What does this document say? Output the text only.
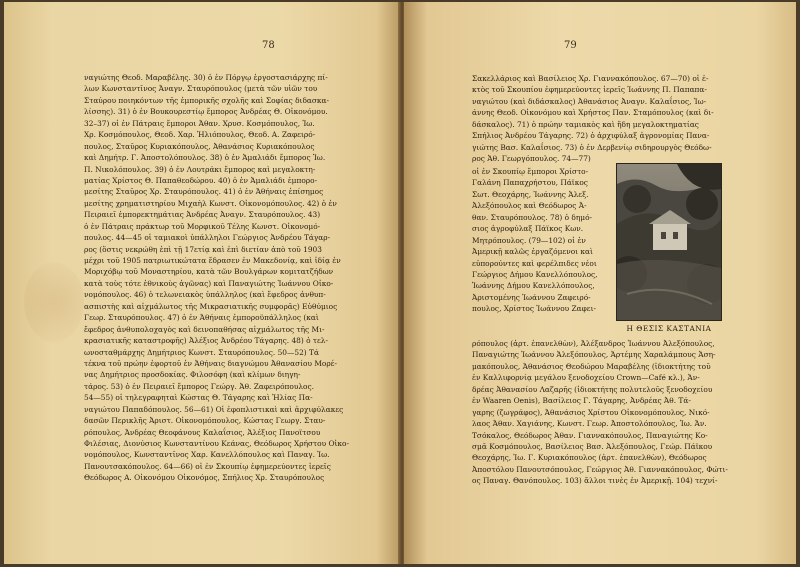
78
ναγιώτης Θεοδ. Μαραβέλης. 30) ὁ ἐν Πόργῳ ἐργοστασιάρχης πί-
λων Κωνσταντῖνος Ἀναγν. Σταυρόπουλος (μετὰ τῶν υἱῶν του
Σταύρου ποιηκόντων τῆς ἐμπορικῆς σχολῆς καὶ Σοφίας διδασκα-
λίσσης). 31) ὁ ἐν Βουκουρεστίῳ ἔμπορος Ἀνδρέας Θ. Οἰκονόμου.
32–37) οἱ ἐν Πάτραις ἔμποροι Ἀθαν. Χρυσ. Κοσμόπουλος, Ἰω.
Χρ. Κοσμόπουλος, Θεοδ. Χαρ. Ἠλιόπουλος, Θεοδ. Α. Ζαφειρό-
πουλος, Σταῦρος Κυριακόπουλος, Ἀθανάσιος Κυριακόπουλος
καὶ Δημήτρ. Γ. Ἀποστολόπουλος. 38) ὁ ἐν Ἀμαλιάδι ἔμπορος Ἰω.
Π. Νικολόπουλος. 39) ὁ ἐν Λουτράκι ἔμπορος καὶ μεγαλοκτη-
ματίας Χρίστος Θ. Παπαθεοδώρου. 40) ὁ ἐν Ἀμαλιάδι ἐμπορο-
μεσίτης Σταῦρος Χρ. Σταυρόπουλος. 41) ὁ ἐν Ἀθήναις ἐπίσημος
μεσίτης χρηματιστηρίου Μιχαὴλ Κωνστ. Οἰκονομόπουλος. 42) ὁ ἐν
Πειραιεῖ ἐμπορεκτημάτιας Ἀνδρέας Ἀναγν. Σταυρόπουλος. 43)
ὁ ἐν Πάτραις πράκτωρ τοῦ Μορφικοῦ Τέλης Κωνστ. Οἰκονομό-
πουλος. 44—45 οἱ ταμιακοὶ ὑπάλληλοι Γεώργιος Ἀνδρέου Τάγαρ-
ρος (ὅστις νεκρώθη ἐπὶ τῇ 17ετίᾳ καὶ ἐπὶ διετίαν ἀπὸ τοῦ 1903
μέχρι τοῦ 1905 πατριωτικώτατα ἔδρασεν ἐν Μακεδονίᾳ, καὶ ἰδίᾳ ἐν
Μοριχόβῳ τοῦ Μοναστηρίου, κατὰ τῶν Βουλγάρων κομιτατζήδων
κατὰ τοὺς τότε ἐθνικοὺς ἀγῶνας) καὶ Παναγιώτης Ἰωάννου Οἰκο-
νομόπουλος. 46) ὁ τελωνειακὸς ὑπάλληλος (καὶ ἔφεδρος ἀνθυπ-
ασπιστὴς καὶ αἰχμάλωτος τῆς Μικρασιατικῆς συμφορᾶς) Εὐθύμιος
Γεωρ. Σταυρόπουλος. 47) ὁ ἐν Ἀθήναις ἐμποροϋπάλληλος (καὶ
ἔφεδρος ἀνθυπολοχαγὸς καὶ δεινοπαθήσας αἰχμάλωτος τῆς Μι-
κρασιατικῆς καταστροφῆς) Ἀλέξιος Ἀνδρέου Τάγαρης. 48) ὁ τελ-
ωνοσταθμάρχης Δημήτριος Κωνστ. Σταυρόπουλος. 50—52) Τά
τέκνα τοῦ πρώην ἐφορτοῦ ἐν Ἀθήναις διαγνώμου Ἀθανασίου Μορέ-
νας Δημήτριος προσδοκίας. Φιλοσόφη (καὶ κλίμων διηγη-
τάρος. 53) ὁ ἐν Πειραιεῖ ἔμπορος Γεώργ. Ἀθ. Ζαφειρόπουλος.
54—55) οἱ τηλεγραφηταὶ Κώστας Θ. Τάγαρης καὶ Ἠλίας Πα-
ναγιώτου Παπαδόπουλος. 56—61) Οἱ ἐφοπλιστικαὶ καὶ ἀρχιφύλακες
δασῶν Περικλῆς Ἀριστ. Οἰκονομόπουλος, Κώστας Γεωργ. Σταυ-
ρόπουλος, Ἀνδρέας Θεοφάνους Καλαΐσιος, Ἀλέξιος Πανοϊτσου
Φιλέσιας, Διονύσιος Κωνσταντίνου Κεάνας, Θεόδωρος Χρήστου Οἰκο-
νομόπουλος, Κωνσταντῖνος Χαρ. Κανελλόπουλος καὶ Παναγ. Ἰω.
Πανουτσακόπουλος. 64—66) οἱ ἐν Σκουπίῳ ἐφημερεύοντες ἱερεῖς
Θεόδωρος Α. Οἰκονόμου Οἰκονόμος, Σπήλιος Χρ. Σταυρόπουλος
79
Σακελλάριος καὶ Βασίλειος Χρ. Γιαννακόπουλος. 67—70) οἱ ἐ-
κτὸς τοῦ Σκουπίου ἐφημερεύοντες ἱερεῖς Ἰωάννης Π. Παπαπα-
ναγιώτου (καὶ διδάσκαλος) Ἀθανάσιος Ἀναγν. Καλαΐσιος, Ἰω-
άννης Θεοδ. Οἰκονόμου καὶ Χρήστος Παν. Σταμόπουλος (καὶ δι-
δάσκαλος). 71) ὁ πρώην ταμιακὸς καὶ ἤδη μεγαλοκτηματίας
Σπήλιος Ἀνδρέου Τάγαρης. 72) ὁ ἀρχιφύλαξ ἀγρονομίας Πανα-
γιώτης Βασ. Καλαΐσιος. 73) ὁ ἐν Δερβενίῳ σιδηρουργὸς Θεόδω-
ρος Ἀθ. Γεωργόπουλος. 74—77)
οἱ ἐν Σκουπίῳ ἔμποροι Χρίστο-
Γαλάνη Παπαχρήστου, Πάϊκος
Σωτ. Θεοχάρης, Ἰωάννης Ἀλεξ.
Ἀλεξόπουλος καὶ Θεόδωρος Ἀ-
θαν. Σταυρόπουλος. 78) ὁ δημό-
σιος ἀγροφύλαξ Πάϊκος Κων.
Μητρόπουλος. (79—102) οἱ ἐν
Ἀμερικῇ καλῶς ἐργαζόμενοι καὶ
εὐπορούντες καὶ φερέλπιδες νέοι
Γεώργιος Δήμου Κανελλόπουλος,
Ἰωάννης Δήμου Κανελλόπουλος,
Ἀριστομένης Ἰωάννου Ζαφειρό-
πουλος, Χρίστος Ἰωάννου Ζαφει-
Η ΘΕΣΙΣ ΚΑΣΤΑΝΙΑ
ρόπουλος (ἀρτ. ἐπανελθὼν), Ἀλέξανδρος Ἰωάννου Ἀλεξόπουλος,
Παναγιώτης Ἰωάννου Ἀλεξόπουλος, Ἀρτέμης Χαραλάμπους Ἀση-
μακόπουλος, Ἀθανάσιος Θεοδώρου Μαραβέλης (ἰδιοκτήτης τοῦ
ἐν Καλλιφορνίᾳ μεγάλου ξενοδοχείου Crown—Café κλ.), Ἀν-
δρέας Ἀθανασίου Λαζαρῆς (ἰδιοκτήτης πολυτελοῦς ξενοδοχείου
ἐν Waaren Oenis), Βασίλειος Γ. Τάγαρης, Ἀνδρέας Ἀθ. Τά-
γαρης (ζωγράφος), Ἀθανάσιος Χρίστου Οἰκονομόπουλος, Νικό-
λαος Ἀθαν. Χαγιάνης, Κωνστ. Γεωρ. Ἀποστολόπουλος, Ἰω. Ἀν.
Τσόκαλος, Θεόδωρος Ἀθαν. Γιαννακόπουλος, Παναγιώτης Κο-
σμᾶ Κοσμόπουλος, Βασίλειος Βασ. Ἀλεξόπουλος, Γεώρ. Πάϊκου
Θεοχάρης, Ἰω. Γ. Κυριακόπουλος (ἀρτ. ἐπανελθὼν), Θεόδωρος
Ἀποστόλου Πανουτσόπουλος, Γεώργιος Ἀθ. Γιαννακόπουλος, Φώτι-
ος Παναγ. Θανόπουλος. 103) ἄλλοι τινὲς ἐν Ἀμερικῇ. 104) τεχνί-
